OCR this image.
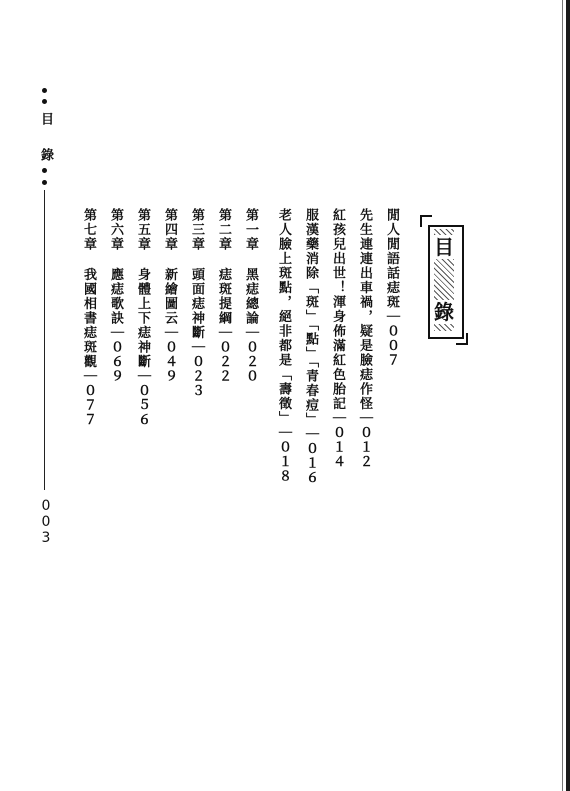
目
錄
003
目
錄
閒人閒語話痣斑｜００７
先生連連出車禍，疑是臉痣作怪｜０１２
紅孩兒出世！渾身佈滿紅色胎記｜０１４
服漢藥消除「斑」「點」「青春痘」｜０１６
老人臉上斑點，絕非都是「壽徵」｜０１８
第一章黑痣總論｜０２０
第二章痣斑提綱｜０２２
第三章頭面痣神斷｜０２３
第四章新繪圖云｜０４９
第五章身體上下痣神斷｜０５６
第六章應痣歌訣｜０６９
第七章我國相書痣斑觀｜０７７
